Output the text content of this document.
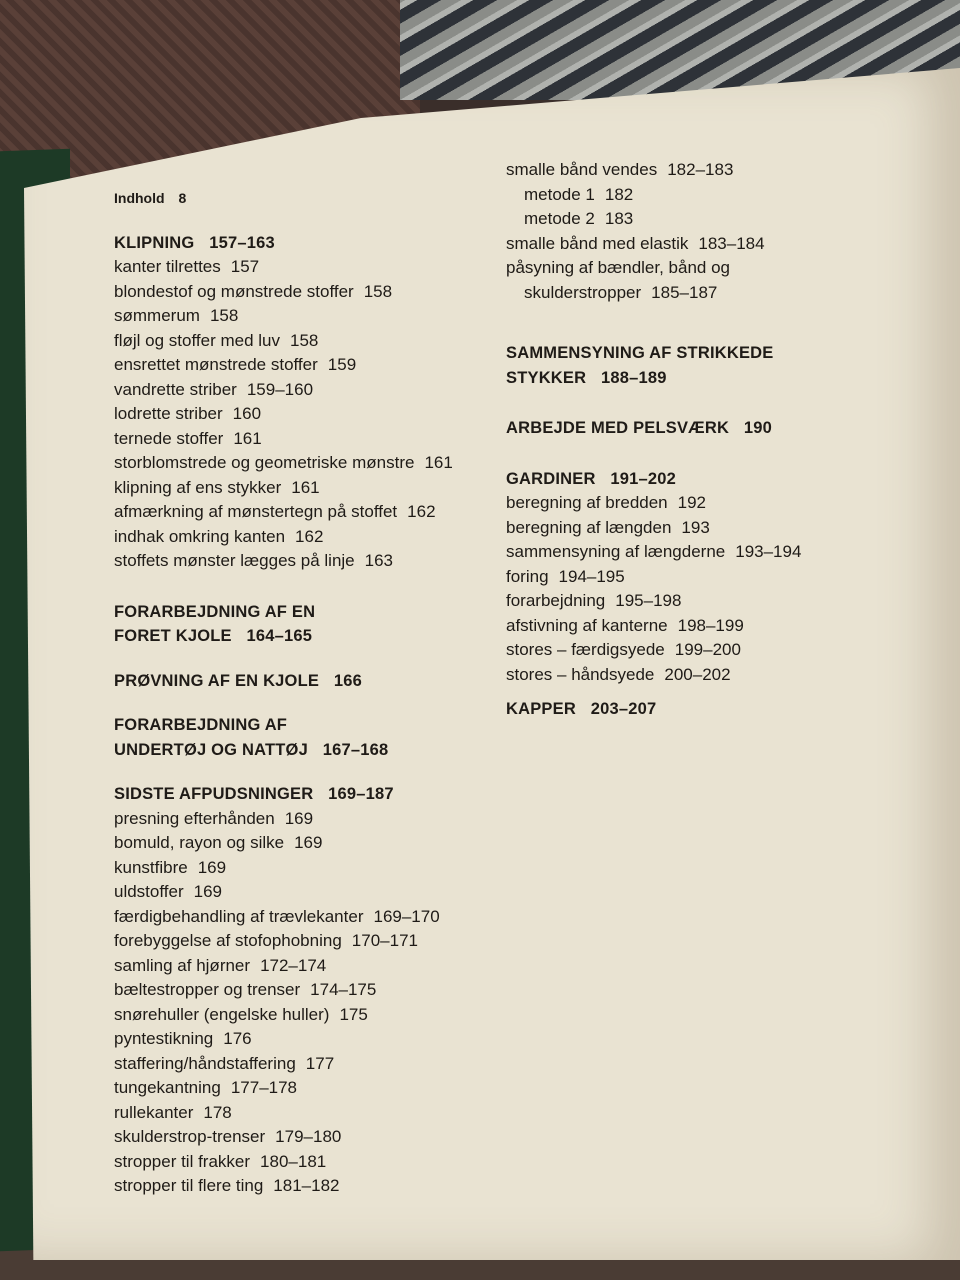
Indhold 8
KLIPNING 157–163
kanter tilrettes 157
blondestof og mønstrede stoffer 158
sømmerum 158
fløjl og stoffer med luv 158
ensrettet mønstrede stoffer 159
vandrette striber 159–160
lodrette striber 160
ternede stoffer 161
storblomstrede og geometriske mønstre 161
klipning af ens stykker 161
afmærkning af mønstertegn på stoffet 162
indhak omkring kanten 162
stoffets mønster lægges på linje 163
FORARBEJDNING AF EN
FORET KJOLE 164–165
PRØVNING AF EN KJOLE 166
FORARBEJDNING AF
UNDERTØJ OG NATTØJ 167–168
SIDSTE AFPUDSNINGER 169–187
presning efterhånden 169
bomuld, rayon og silke 169
kunstfibre 169
uldstoffer 169
færdigbehandling af trævlekanter 169–170
forebyggelse af stofophobning 170–171
samling af hjørner 172–174
bæltestropper og trenser 174–175
snørehuller (engelske huller) 175
pyntestikning 176
staffering/håndstaffering 177
tungekantning 177–178
rullekanter 178
skulderstrop-trenser 179–180
stropper til frakker 180–181
stropper til flere ting 181–182
smalle bånd vendes 182–183
metode 1 182
metode 2 183
smalle bånd med elastik 183–184
påsyning af bændler, bånd og
skulderstropper 185–187
SAMMENSYNING AF STRIKKEDE
STYKKER 188–189
ARBEJDE MED PELSVÆRK 190
GARDINER 191–202
beregning af bredden 192
beregning af længden 193
sammensyning af længderne 193–194
foring 194–195
forarbejdning 195–198
afstivning af kanterne 198–199
stores – færdigsyede 199–200
stores – håndsyede 200–202
KAPPER 203–207
